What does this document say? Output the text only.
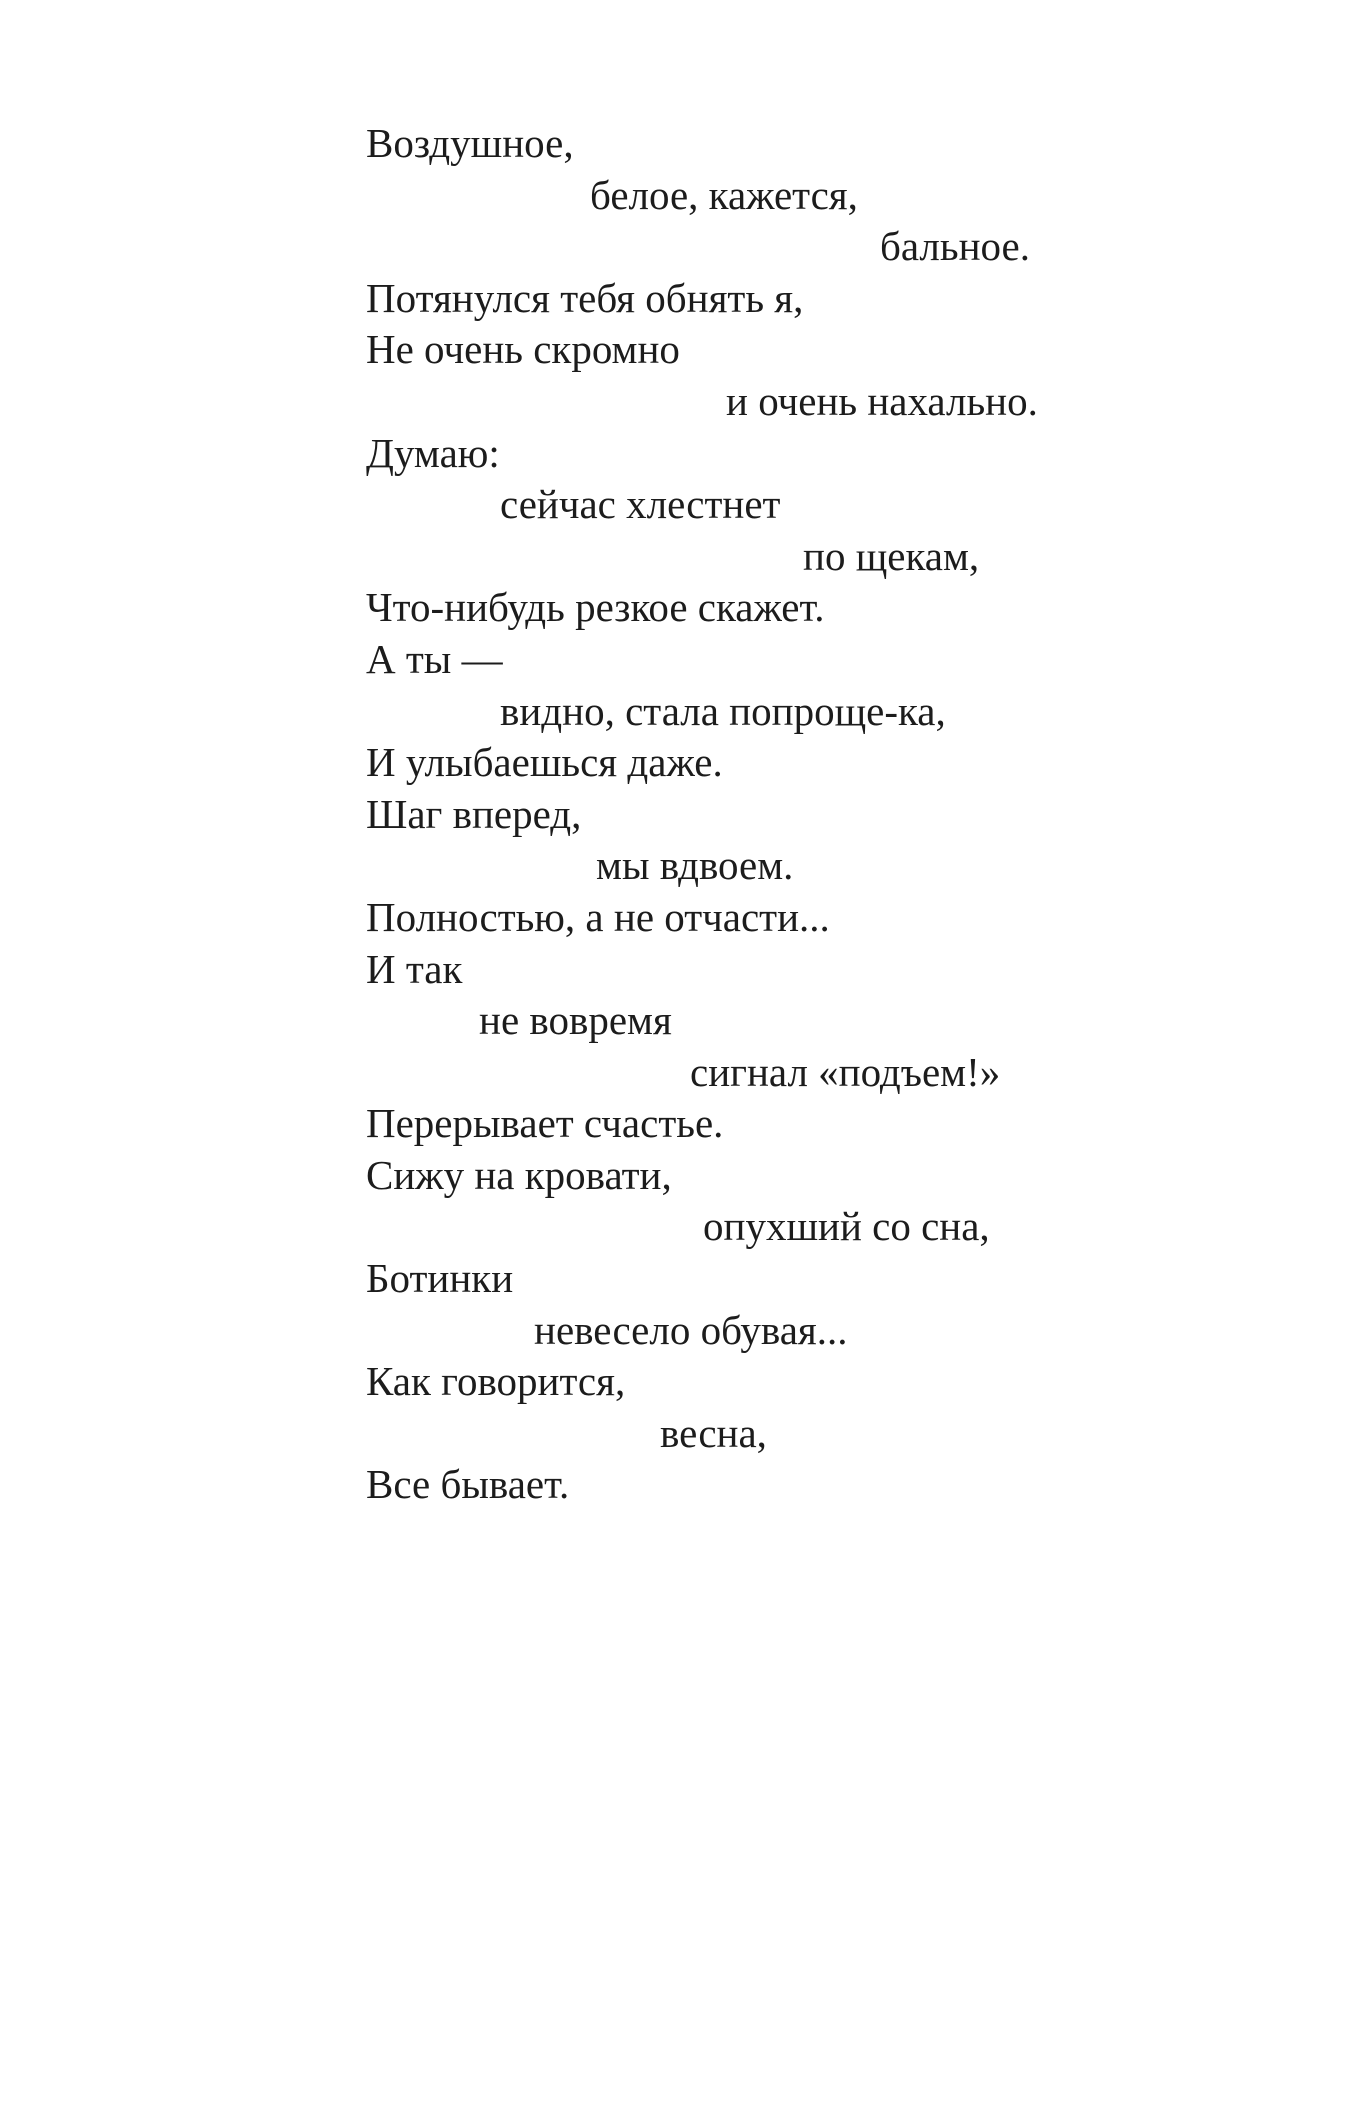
Воздушное,
белое, кажется,
бальное.
Потянулся тебя обнять я,
Не очень скромно
и очень нахально.
Думаю:
сейчас хлестнет
по щекам,
Что-нибудь резкое скажет.
А ты —
видно, стала попроще-ка,
И улыбаешься даже.
Шаг вперед,
мы вдвоем.
Полностью, а не отчасти...
И так
не вовремя
сигнал «подъем!»
Перерывает счастье.
Сижу на кровати,
опухший со сна,
Ботинки
невесело обувая...
Как говорится,
весна,
Все бывает.
